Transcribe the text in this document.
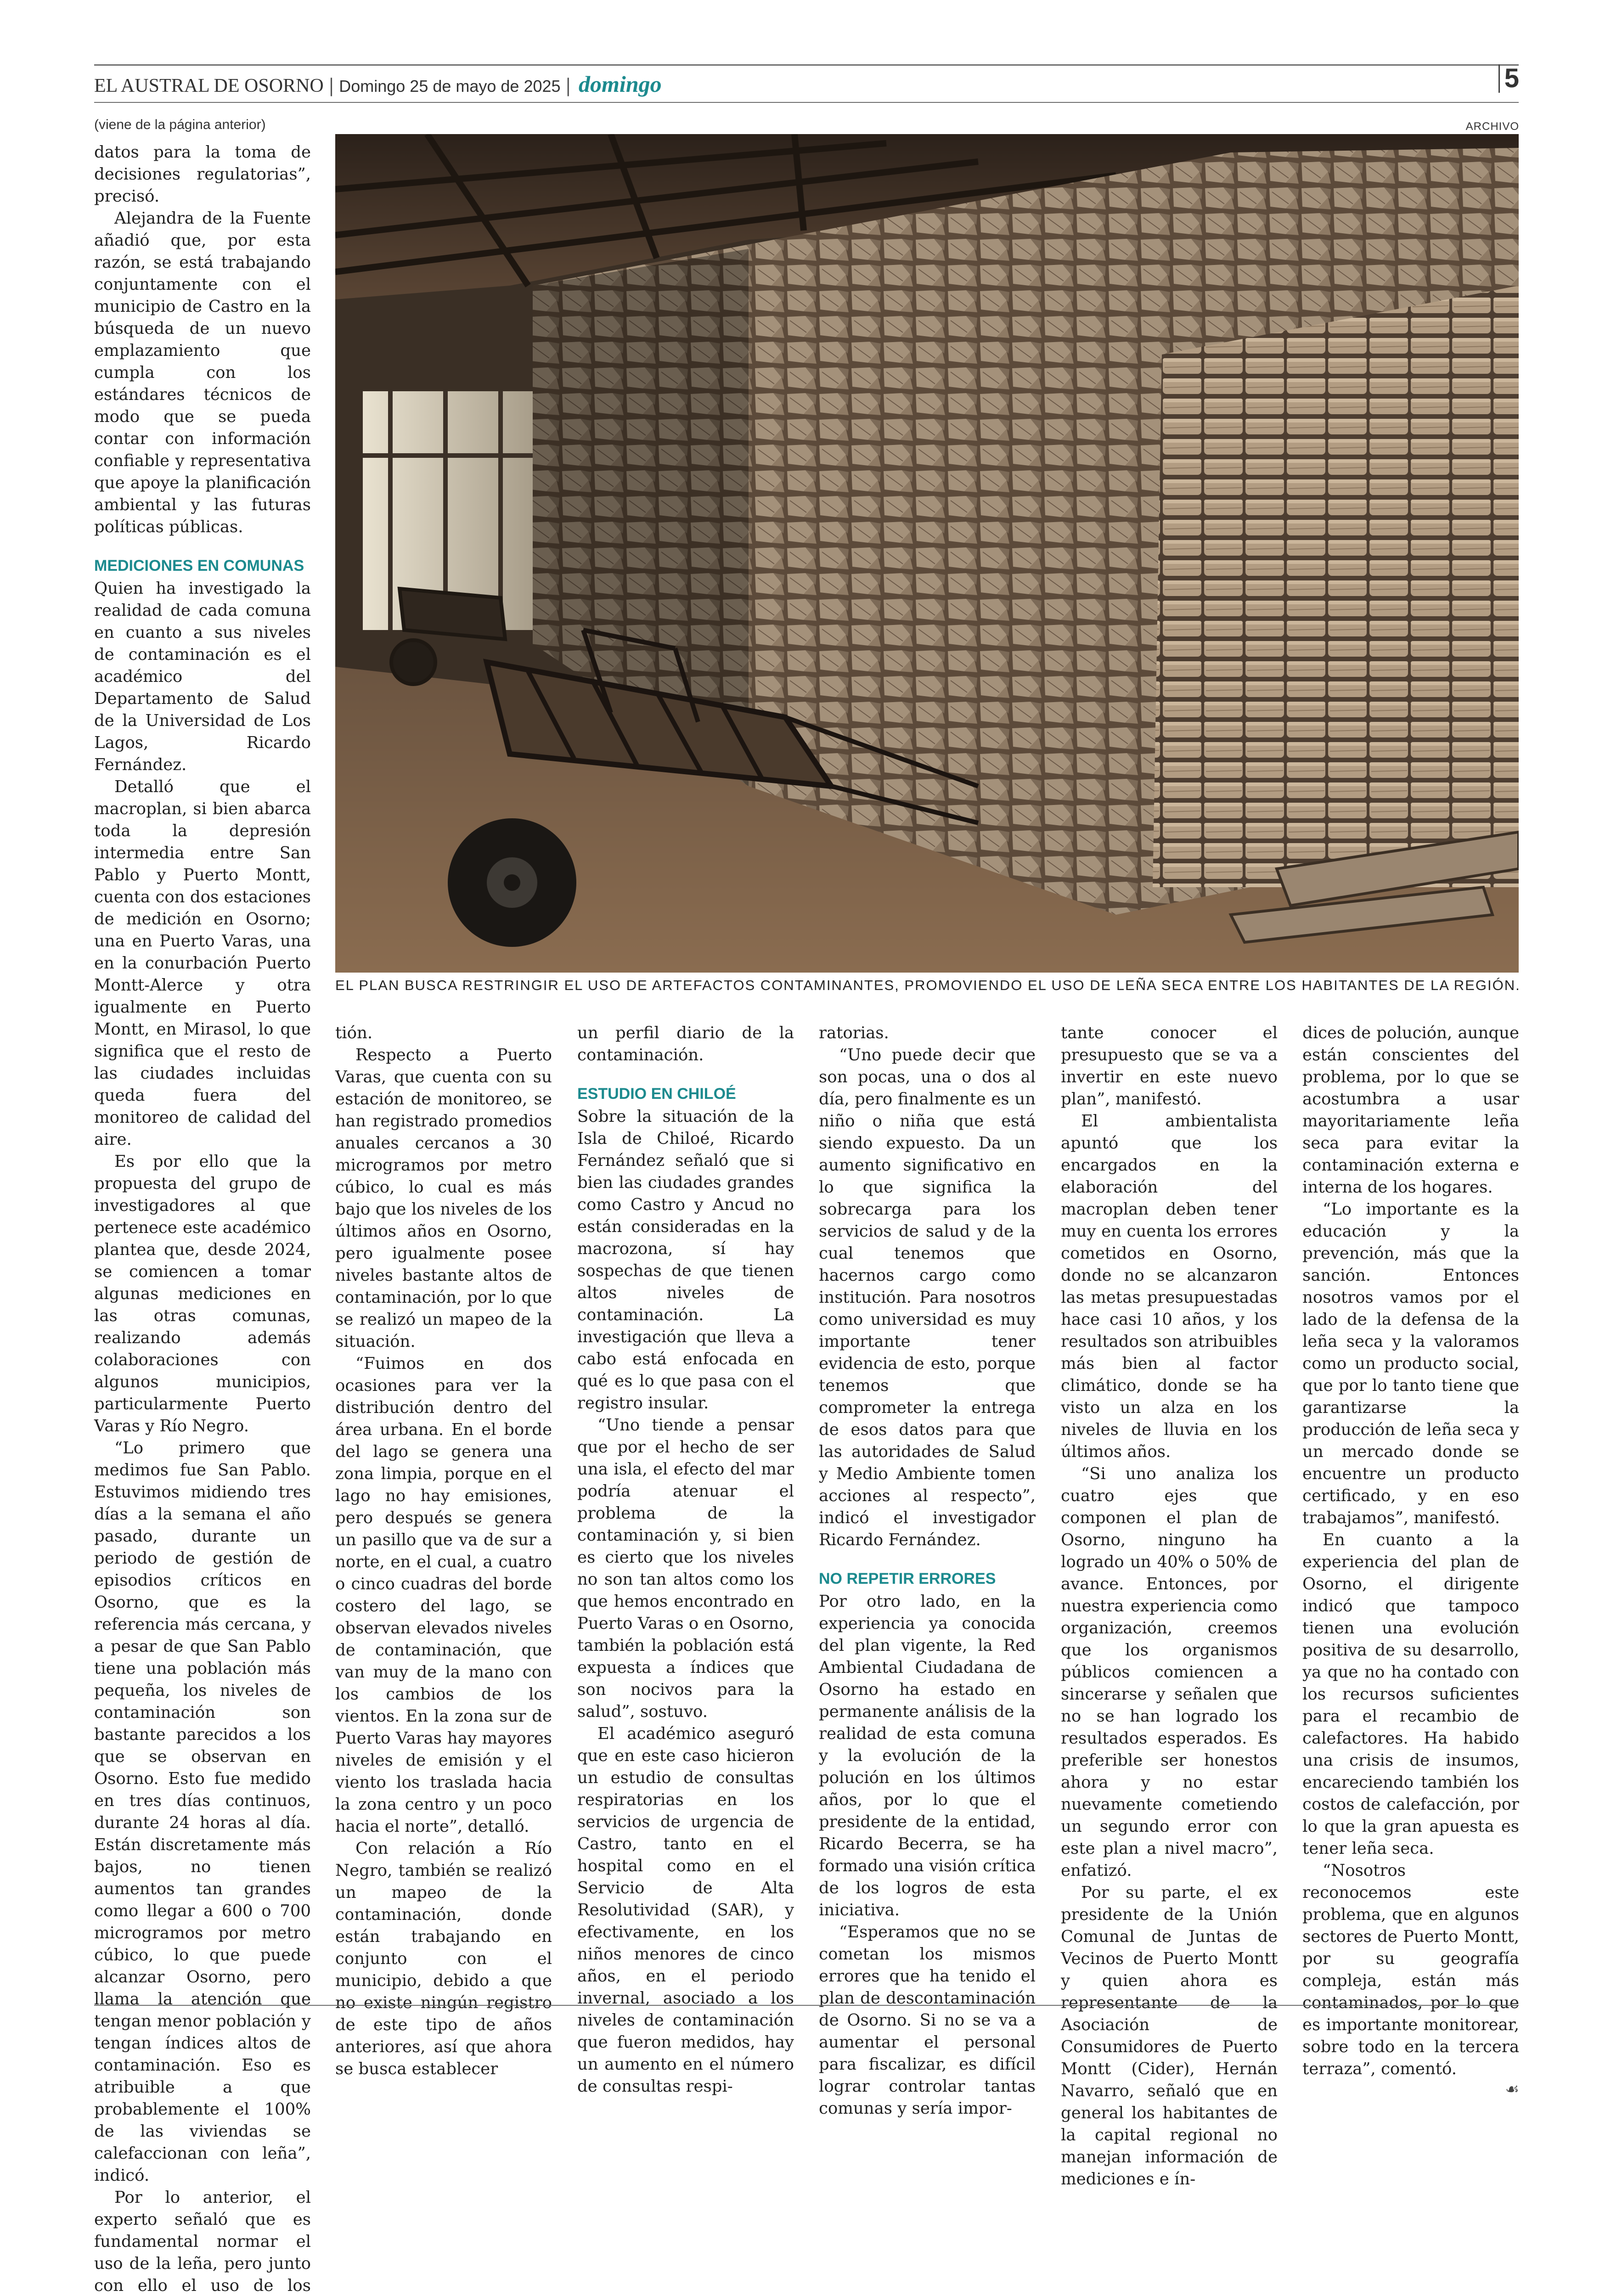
EL AUSTRAL DE OSORNO | Domingo 25 de mayo de 2025 | domingo	5
(viene de la página anterior)	ARCHIVO
EL PLAN BUSCA RESTRINGIR EL USO DE ARTEFACTOS CONTAMINANTES, PROMOVIENDO EL USO DE LEÑA SECA ENTRE LOS HABITANTES DE LA REGIÓN.

datos para la toma de decisiones regulatorias”, precisó.

Alejandra de la Fuente añadió que, por esta razón, se está trabajando conjuntamente con el municipio de Castro en la búsqueda de un nuevo emplazamiento que cumpla con los estándares técnicos de modo que se pueda contar con información confiable y representativa que apoye la planificación ambiental y las futuras políticas públicas.

MEDICIONES EN COMUNAS

Quien ha investigado la realidad de cada comuna en cuanto a sus niveles de contaminación es el académico del Departamento de Salud de la Universidad de Los Lagos, Ricardo Fernández.

Detalló que el macroplan, si bien abarca toda la depresión intermedia entre San Pablo y Puerto Montt, cuenta con dos estaciones de medición en Osorno; una en Puerto Varas, una en la conurbación Puerto Montt-Alerce y otra igualmente en Puerto Montt, en Mirasol, lo que significa que el resto de las ciudades incluidas queda fuera del monitoreo de calidad del aire.

Es por ello que la propuesta del grupo de investigadores al que pertenece este académico plantea que, desde 2024, se comiencen a tomar algunas mediciones en las otras comunas, realizando además colaboraciones con algunos municipios, particularmente Puerto Varas y Río Negro.

“Lo primero que medimos fue San Pablo. Estuvimos midiendo tres días a la semana el año pasado, durante un periodo de gestión de episodios críticos en Osorno, que es la referencia más cercana, y a pesar de que San Pablo tiene una población más pequeña, los niveles de contaminación son bastante parecidos a los que se observan en Osorno. Esto fue medido en tres días continuos, durante 24 horas al día. Están discretamente más bajos, no tienen aumentos tan grandes como llegar a 600 o 700 microgramos por metro cúbico, lo que puede alcanzar Osorno, pero llama la atención que tengan menor población y tengan índices altos de contaminación. Eso es atribuible a que probablemente el 100% de las viviendas se calefaccionan con leña”, indicó.

Por lo anterior, el experto señaló que es fundamental normar el uso de la leña, pero junto con ello el uso de los

tión.

Respecto a Puerto Varas, que cuenta con su estación de monitoreo, se han registrado promedios anuales cercanos a 30 microgramos por metro cúbico, lo cual es más bajo que los niveles de los últimos años en Osorno, pero igualmente posee niveles bastante altos de contaminación, por lo que se realizó un mapeo de la situación.

“Fuimos en dos ocasiones para ver la distribución dentro del área urbana. En el borde del lago se genera una zona limpia, porque en el lago no hay emisiones, pero después se genera un pasillo que va de sur a norte, en el cual, a cuatro o cinco cuadras del borde costero del lago, se observan elevados niveles de contaminación, que van muy de la mano con los cambios de los vientos. En la zona sur de Puerto Varas hay mayores niveles de emisión y el viento los traslada hacia la zona centro y un poco hacia el norte”, detalló.

Con relación a Río Negro, también se realizó un mapeo de la contaminación, donde están trabajando en conjunto con el municipio, debido a que no existe ningún registro de este tipo de años anteriores, así que ahora se busca establecer

un perfil diario de la contaminación.

ESTUDIO EN CHILOÉ

Sobre la situación de la Isla de Chiloé, Ricardo Fernández señaló que si bien las ciudades grandes como Castro y Ancud no están consideradas en la macrozona, sí hay sospechas de que tienen altos niveles de contaminación. La investigación que lleva a cabo está enfocada en qué es lo que pasa con el registro insular.

“Uno tiende a pensar que por el hecho de ser una isla, el efecto del mar podría atenuar el problema de la contaminación y, si bien es cierto que los niveles no son tan altos como los que hemos encontrado en Puerto Varas o en Osorno, también la población está expuesta a índices que son nocivos para la salud”, sostuvo.

El académico aseguró que en este caso hicieron un estudio de consultas respiratorias en los servicios de urgencia de Castro, tanto en el hospital como en el Servicio de Alta Resolutividad (SAR), y efectivamente, en los niños menores de cinco años, en el periodo invernal, asociado a los niveles de contaminación que fueron medidos, hay un aumento en el número de consultas respi-

ratorias.

“Uno puede decir que son pocas, una o dos al día, pero finalmente es un niño o niña que está siendo expuesto. Da un aumento significativo en lo que significa la sobrecarga para los servicios de salud y de la cual tenemos que hacernos cargo como institución. Para nosotros como universidad es muy importante tener evidencia de esto, porque tenemos que comprometer la entrega de esos datos para que las autoridades de Salud y Medio Ambiente tomen acciones al respecto”, indicó el investigador Ricardo Fernández.

NO REPETIR ERRORES

Por otro lado, en la experiencia ya conocida del plan vigente, la Red Ambiental Ciudadana de Osorno ha estado en permanente análisis de la realidad de esta comuna y la evolución de la polución en los últimos años, por lo que el presidente de la entidad, Ricardo Becerra, se ha formado una visión crítica de los logros de esta iniciativa.

“Esperamos que no se cometan los mismos errores que ha tenido el plan de descontaminación de Osorno. Si no se va a aumentar el personal para fiscalizar, es difícil lograr controlar tantas comunas y sería impor-

tante conocer el presupuesto que se va a invertir en este nuevo plan”, manifestó.

El ambientalista apuntó que los encargados en la elaboración del macroplan deben tener muy en cuenta los errores cometidos en Osorno, donde no se alcanzaron las metas presupuestadas hace casi 10 años, y los resultados son atribuibles más bien al factor climático, donde se ha visto un alza en los niveles de lluvia en los últimos años.

“Si uno analiza los cuatro ejes que componen el plan de Osorno, ninguno ha logrado un 40% o 50% de avance. Entonces, por nuestra experiencia como organización, creemos que los organismos públicos comiencen a sincerarse y señalen que no se han logrado los resultados esperados. Es preferible ser honestos ahora y no estar nuevamente cometiendo un segundo error con este plan a nivel macro”, enfatizó.

Por su parte, el ex presidente de la Unión Comunal de Juntas de Vecinos de Puerto Montt y quien ahora es representante de la Asociación de Consumidores de Puerto Montt (Cider), Hernán Navarro, señaló que en general los habitantes de la capital regional no manejan información de mediciones e ín-

dices de polución, aunque están conscientes del problema, por lo que se acostumbra a usar mayoritariamente leña seca para evitar la contaminación externa e interna de los hogares.

“Lo importante es la educación y la prevención, más que la sanción. Entonces nosotros vamos por el lado de la defensa de la leña seca y la valoramos como un producto social, que por lo tanto tiene que garantizarse la producción de leña seca y un mercado donde se encuentre un producto certificado, y en eso trabajamos”, manifestó.

En cuanto a la experiencia del plan de Osorno, el dirigente indicó que tampoco tienen una evolución positiva de su desarrollo, ya que no ha contado con los recursos suficientes para el recambio de calefactores. Ha habido una crisis de insumos, encareciendo también los costos de calefacción, por lo que la gran apuesta es tener leña seca.

“Nosotros reconocemos este problema, que en algunos sectores de Puerto Montt, por su geografía compleja, están más contaminados, por lo que es importante monitorear, sobre todo en la tercera terraza”, comentó.

☙
